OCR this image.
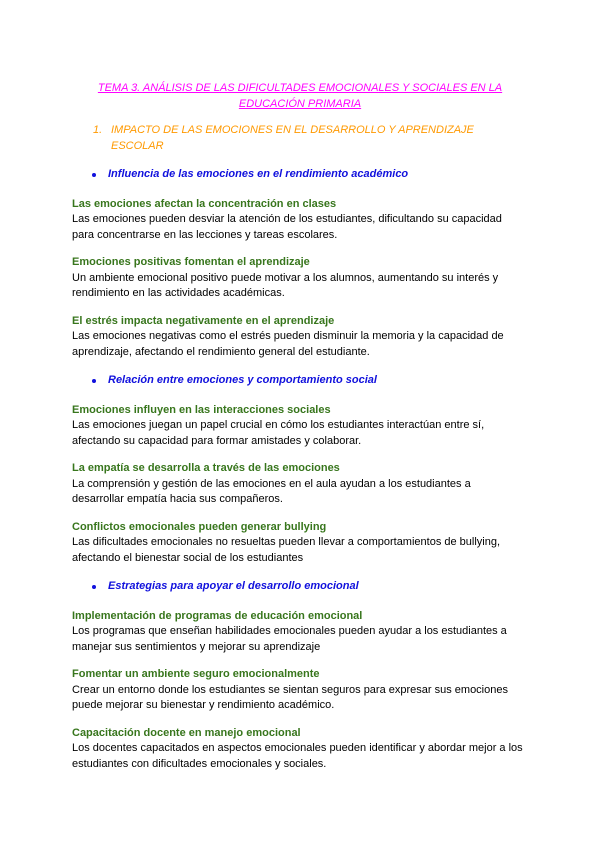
TEMA 3. ANÁLISIS DE LAS DIFICULTADES EMOCIONALES Y SOCIALES EN LA
EDUCACIÓN PRIMARIA
1. IMPACTO DE LAS EMOCIONES EN EL DESARROLLO Y APRENDIZAJE
ESCOLAR
Influencia de las emociones en el rendimiento académico
Las emociones afectan la concentración en clases
Las emociones pueden desviar la atención de los estudiantes, dificultando su capacidad
para concentrarse en las lecciones y tareas escolares.
Emociones positivas fomentan el aprendizaje
Un ambiente emocional positivo puede motivar a los alumnos, aumentando su interés y
rendimiento en las actividades académicas.
El estrés impacta negativamente en el aprendizaje
Las emociones negativas como el estrés pueden disminuir la memoria y la capacidad de
aprendizaje, afectando el rendimiento general del estudiante.
Relación entre emociones y comportamiento social
Emociones influyen en las interacciones sociales
Las emociones juegan un papel crucial en cómo los estudiantes interactúan entre sí,
afectando su capacidad para formar amistades y colaborar.
La empatía se desarrolla a través de las emociones
La comprensión y gestión de las emociones en el aula ayudan a los estudiantes a
desarrollar empatía hacia sus compañeros.
Conflictos emocionales pueden generar bullying
Las dificultades emocionales no resueltas pueden llevar a comportamientos de bullying,
afectando el bienestar social de los estudiantes
Estrategias para apoyar el desarrollo emocional
Implementación de programas de educación emocional
Los programas que enseñan habilidades emocionales pueden ayudar a los estudiantes a
manejar sus sentimientos y mejorar su aprendizaje
Fomentar un ambiente seguro emocionalmente
Crear un entorno donde los estudiantes se sientan seguros para expresar sus emociones
puede mejorar su bienestar y rendimiento académico.
Capacitación docente en manejo emocional
Los docentes capacitados en aspectos emocionales pueden identificar y abordar mejor a los
estudiantes con dificultades emocionales y sociales.
